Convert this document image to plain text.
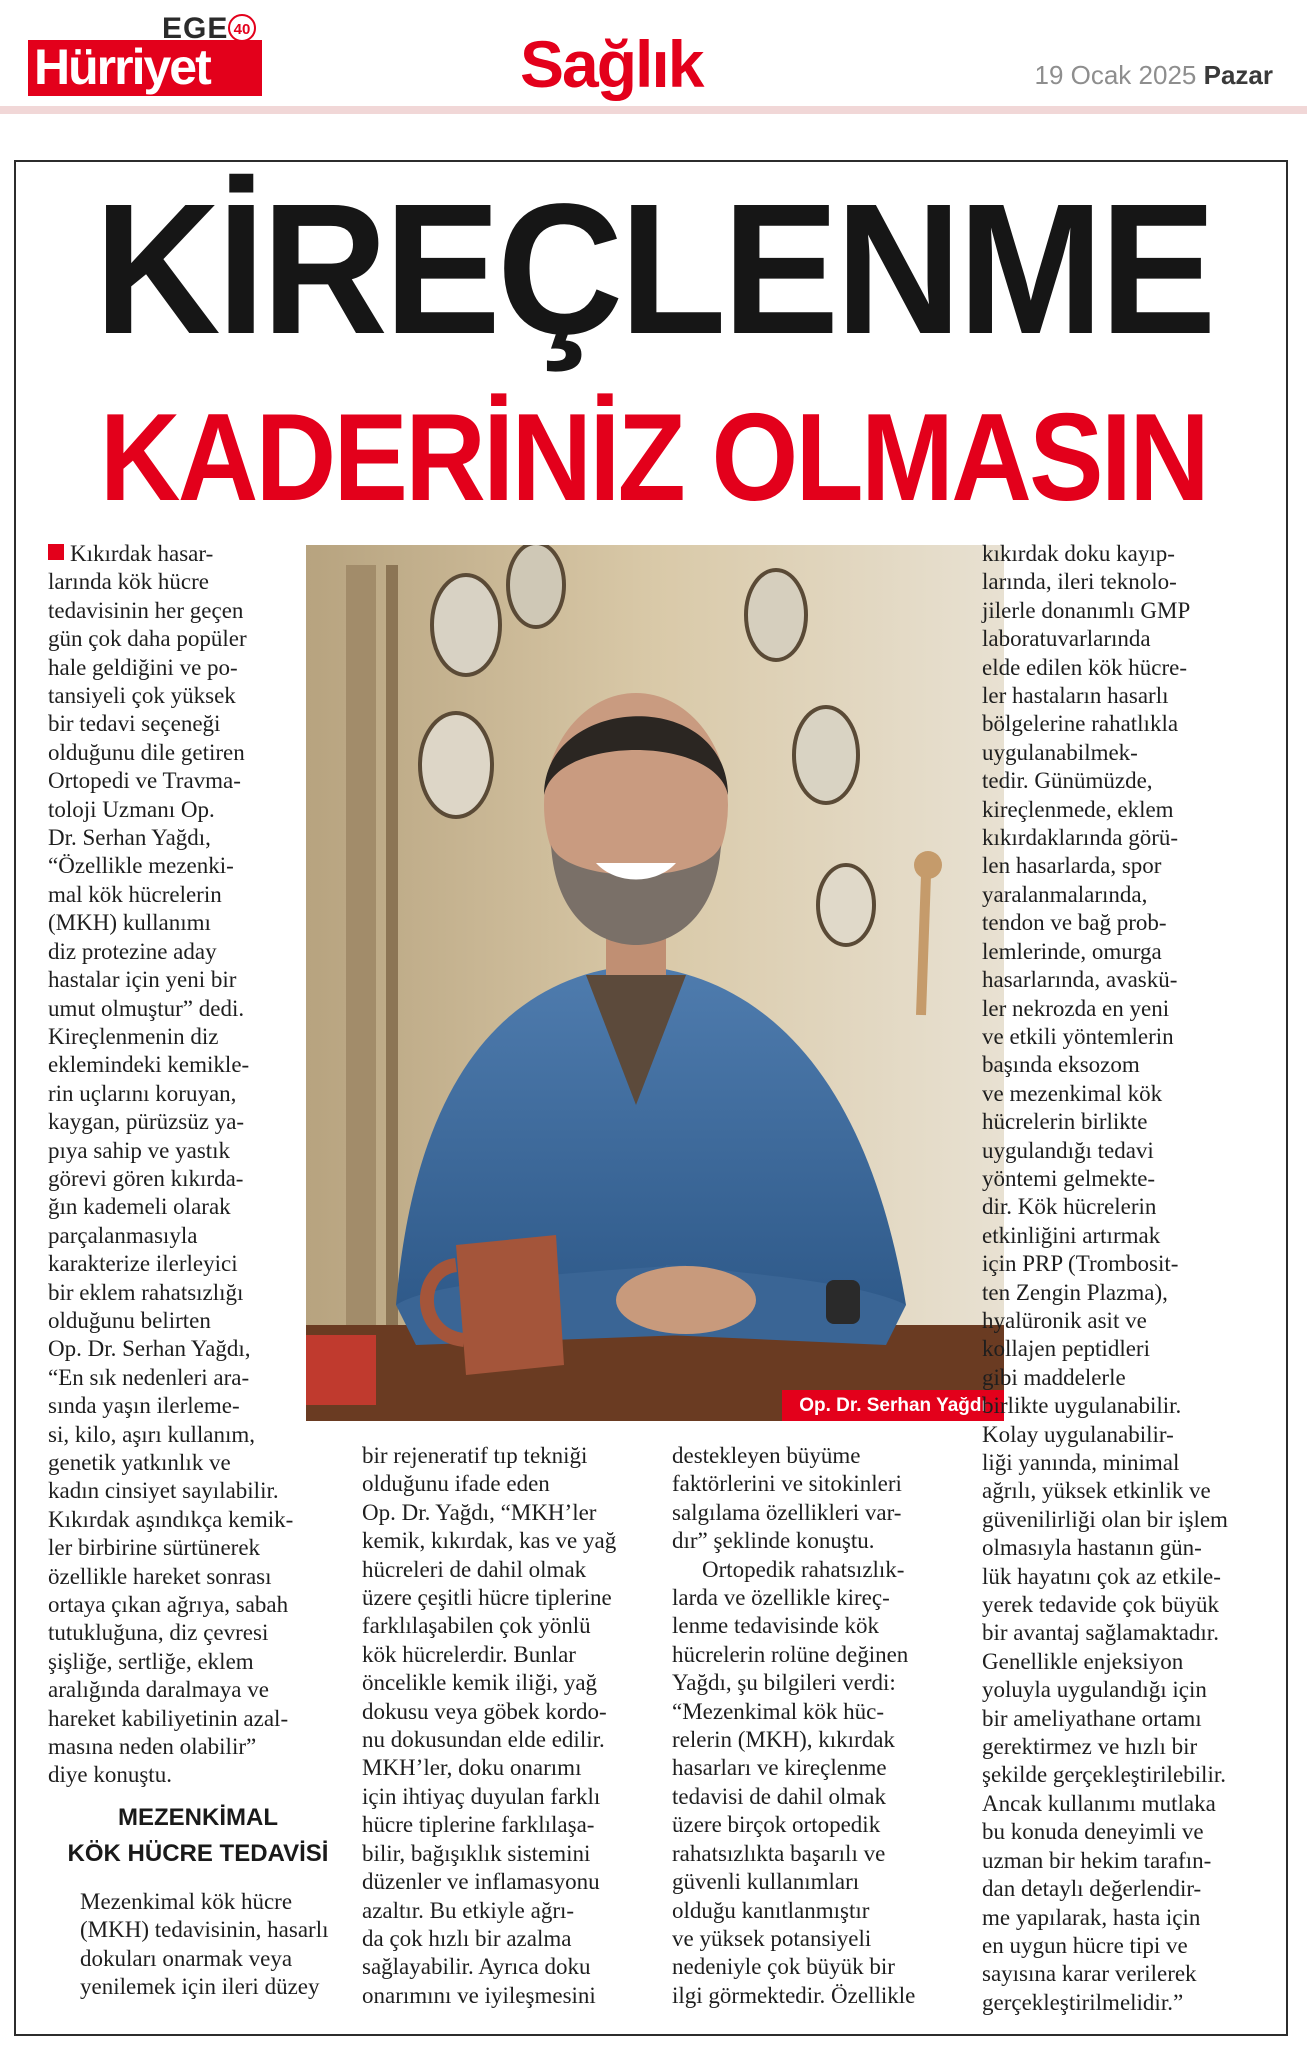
EGE 40
Hürriyet	Sağlık	19 Ocak 2025 Pazar
KİREÇLENME
KADERİNİZ OLMASIN

Kıkırdak hasar-
larında kök hücre
tedavisinin her geçen
gün çok daha popüler
hale geldiğini ve po-
tansiyeli çok yüksek
bir tedavi seçeneği
olduğunu dile getiren
Ortopedi ve Travma-
toloji Uzmanı Op.
Dr. Serhan Yağdı,
“Özellikle mezenki-
mal kök hücrelerin
(MKH) kullanımı
diz protezine aday
hastalar için yeni bir
umut olmuştur” dedi.
Kireçlenmenin diz
eklemindeki kemikle-
rin uçlarını koruyan,
kaygan, pürüzsüz ya-
pıya sahip ve yastık
görevi gören kıkırda-
ğın kademeli olarak
parçalanmasıyla
karakterize ilerleyici
bir eklem rahatsızlığı
olduğunu belirten
Op. Dr. Serhan Yağdı,
“En sık nedenleri ara-
sında yaşın ilerleme-
si, kilo, aşırı kullanım,
genetik yatkınlık ve
kadın cinsiyet sayılabilir.
Kıkırdak aşındıkça kemik-
ler birbirine sürtünerek
özellikle hareket sonrası
ortaya çıkan ağrıya, sabah
tutukluğuna, diz çevresi
şişliğe, sertliğe, eklem
aralığında daralmaya ve
hareket kabiliyetinin azal-
masına neden olabilir”
diye konuştu.

MEZENKİMAL
KÖK HÜCRE TEDAVİSİ

Mezenkimal kök hücre
(MKH) tedavisinin, hasarlı
dokuları onarmak veya
yenilemek için ileri düzey

Op. Dr. Serhan Yağdı

bir rejeneratif tıp tekniği
olduğunu ifade eden
Op. Dr. Yağdı, “MKH’ler
kemik, kıkırdak, kas ve yağ
hücreleri de dahil olmak
üzere çeşitli hücre tiplerine
farklılaşabilen çok yönlü
kök hücrelerdir. Bunlar
öncelikle kemik iliği, yağ
dokusu veya göbek kordo-
nu dokusundan elde edilir.
MKH’ler, doku onarımı
için ihtiyaç duyulan farklı
hücre tiplerine farklılaşa-
bilir, bağışıklık sistemini
düzenler ve inflamasyonu
azaltır. Bu etkiyle ağrı-
da çok hızlı bir azalma
sağlayabilir. Ayrıca doku
onarımını ve iyileşmesini

destekleyen büyüme
faktörlerini ve sitokinleri
salgılama özellikleri var-
dır” şeklinde konuştu.

Ortopedik rahatsızlık-
larda ve özellikle kireç-
lenme tedavisinde kök
hücrelerin rolüne değinen
Yağdı, şu bilgileri verdi:
“Mezenkimal kök hüc-
relerin (MKH), kıkırdak
hasarları ve kireçlenme
tedavisi de dahil olmak
üzere birçok ortopedik
rahatsızlıkta başarılı ve
güvenli kullanımları
olduğu kanıtlanmıştır
ve yüksek potansiyeli
nedeniyle çok büyük bir
ilgi görmektedir. Özellikle

kıkırdak doku kayıp-
larında, ileri teknolo-
jilerle donanımlı GMP
laboratuvarlarında
elde edilen kök hücre-
ler hastaların hasarlı
bölgelerine rahatlıkla
uygulanabilmek-
tedir. Günümüzde,
kireçlenmede, eklem
kıkırdaklarında görü-
len hasarlarda, spor
yaralanmalarında,
tendon ve bağ prob-
lemlerinde, omurga
hasarlarında, avaskü-
ler nekrozda en yeni
ve etkili yöntemlerin
başında eksozom
ve mezenkimal kök
hücrelerin birlikte
uygulandığı tedavi
yöntemi gelmekte-
dir. Kök hücrelerin
etkinliğini artırmak
için PRP (Trombosit-
ten Zengin Plazma),
hyalüronik asit ve
kollajen peptidleri
gibi maddelerle
birlikte uygulanabilir.
Kolay uygulanabilir-
liği yanında, minimal
ağrılı, yüksek etkinlik ve
güvenilirliği olan bir işlem
olmasıyla hastanın gün-
lük hayatını çok az etkile-
yerek tedavide çok büyük
bir avantaj sağlamaktadır.
Genellikle enjeksiyon
yoluyla uygulandığı için
bir ameliyathane ortamı
gerektirmez ve hızlı bir
şekilde gerçekleştirilebilir.
Ancak kullanımı mutlaka
bu konuda deneyimli ve
uzman bir hekim tarafın-
dan detaylı değerlendir-
me yapılarak, hasta için
en uygun hücre tipi ve
sayısına karar verilerek
gerçekleştirilmelidir.”
